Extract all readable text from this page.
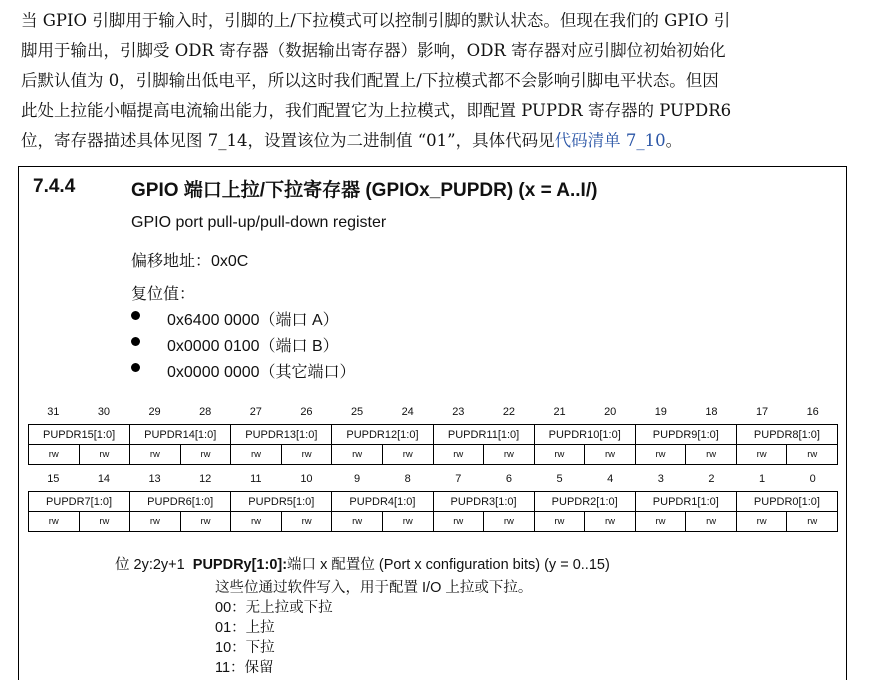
当 GPIO 引脚用于输入时，引脚的上/下拉模式可以控制引脚的默认状态。但现在我们的 GPIO 引
脚用于输出，引脚受 ODR 寄存器（数据输出寄存器）影响，ODR 寄存器对应引脚位初始初始化
后默认值为 0，引脚输出低电平，所以这时我们配置上/下拉模式都不会影响引脚电平状态。但因
此处上拉能小幅提高电流输出能力，我们配置它为上拉模式，即配置 PUPDR 寄存器的 PUPDR6
位，寄存器描述具体见图 7_14，设置该位为二进制值 “01”，具体代码见代码清单 7_10。
7.4.4	GPIO 端口上拉/下拉寄存器 (GPIOx_PUPDR) (x = A..I/)
GPIO port pull-up/pull-down register
偏移地址：0x0C
复位值：
0x6400 0000（端口 A）
0x0000 0100（端口 B）
0x0000 0000（其它端口）
31	30	29	28	27	26	25	24	23	22	21	20	19	18	17	16
PUPDR15[1:0]	PUPDR14[1:0]	PUPDR13[1:0]	PUPDR12[1:0]	PUPDR11[1:0]	PUPDR10[1:0]	PUPDR9[1:0]	PUPDR8[1:0]
rw	rw	rw	rw	rw	rw	rw	rw	rw	rw	rw	rw	rw	rw	rw	rw
15	14	13	12	11	10	9	8	7	6	5	4	3	2	1	0
PUPDR7[1:0]	PUPDR6[1:0]	PUPDR5[1:0]	PUPDR4[1:0]	PUPDR3[1:0]	PUPDR2[1:0]	PUPDR1[1:0]	PUPDR0[1:0]
rw	rw	rw	rw	rw	rw	rw	rw	rw	rw	rw	rw	rw	rw	rw	rw
位 2y:2y+1 PUPDRy[1:0]:端口 x 配置位 (Port x configuration bits) (y = 0..15)
这些位通过软件写入，用于配置 I/O 上拉或下拉。
00：无上拉或下拉
01：上拉
10：下拉
11：保留
